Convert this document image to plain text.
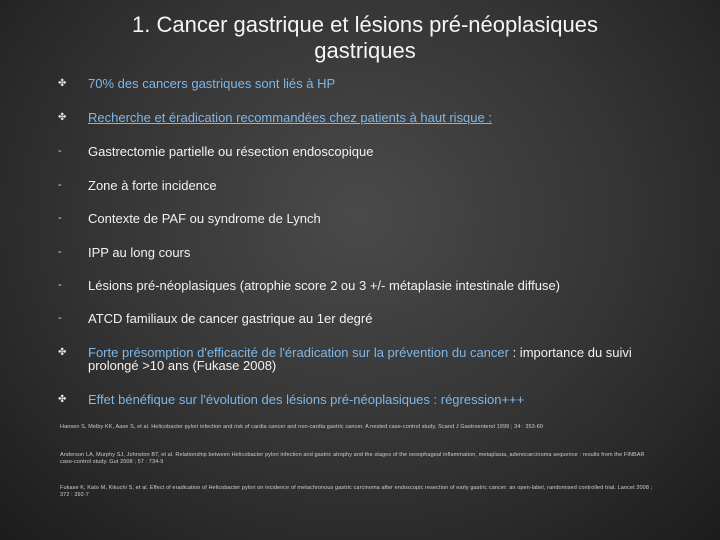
1. Cancer gastrique et lésions pré-néoplasiques gastriques
✤	70% des cancers gastriques sont liés à HP
✤	Recherche et éradication recommandées chez patients à haut risque :
-	Gastrectomie partielle ou résection endoscopique
-	Zone à forte incidence
-	Contexte de PAF ou syndrome de Lynch
-	IPP au long cours
-	Lésions pré-néoplasiques (atrophie score 2 ou 3 +/- métaplasie intestinale diffuse)
-	ATCD familiaux de cancer gastrique au 1er degré
✤	Forte présomption d'efficacité de l'éradication sur la prévention du cancer : importance du suivi prolongé >10 ans (Fukase 2008)
✤	Effet bénéfique sur l'évolution des lésions pré-néoplasiques : régression+++
Hansen S, Melby KK, Aase S, et al. Helicobacter pylori infection and risk of cardia cancer and non-cardia gastric cancer. A nested case-control study. Scand J Gastroenterol 1999 ; 34 : 353-60
Anderson LA, Murphy SJ, Johnston BT, et al. Relationship between Helicobacter pylori infection and gastric atrophy and the stages of the oesophageal inflammation, metaplasia, adenocarcinoma sequence : results from the FINBAR case-control study. Gut 2008 ; 57 : 734-9
Fukase K, Kato M, Kikuchi S, et al. Effect of eradication of Helicobacter pylori on incidence of metachronous gastric carcinoma after endoscopic resection of early gastric cancer: an open-label, randomised controlled trial. Lancet 2008 ; 372 : 392-7
